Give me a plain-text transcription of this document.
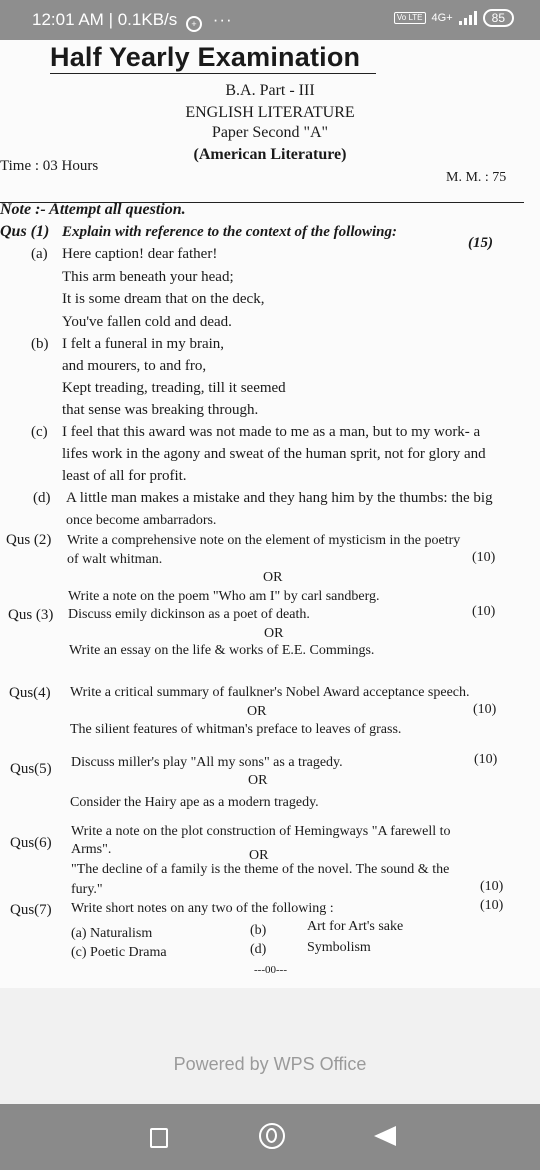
12:01 AM | 0.1KB/s + ···	Vo LTE 4G+	85
Half Yearly Examination
B.A. Part - III
ENGLISH LITERATURE
Paper Second "A"
(American Literature)
Time : 03 Hours
M. M. : 75
Note :- Attempt all question.
Qus (1) Explain with reference to the context of the following:
(15)
(a) Here caption! dear father!
This arm beneath your head;
It is some dream that on the deck,
You've fallen cold and dead.
(b) I felt a funeral in my brain,
and mourers, to and fro,
Kept treading, treading, till it seemed
that sense was breaking through.
(c) I feel that this award was not made to me as a man, but to my work- a
lifes work in the agony and sweat of the human sprit, not for glory and
least of all for profit.
(d) A little man makes a mistake and they hang him by the thumbs: the big
once become ambarradors.
Qus (2) Write a comprehensive note on the element of mysticism in the poetry
of walt whitman.	(10)
OR
Write a note on the poem "Who am I" by carl sandberg.
Qus (3) Discuss emily dickinson as a poet of death.	(10)
OR
Write an essay on the life & works of E.E. Commings.
Qus(4) Write a critical summary of faulkner's Nobel Award acceptance speech.
OR	(10)
The silient features of whitman's preface to leaves of grass.
Qus(5) Discuss miller's play "All my sons" as a tragedy.	(10)
OR
Consider the Hairy ape as a modern tragedy.
Qus(6)
Write a note on the plot construction of Hemingways "A farewell to
Arms".	OR
"The decline of a family is the theme of the novel. The sound & the
(10)
fury."
Qus(7) Write short notes on any two of the following :	(10)
(a) Naturalism	(b)	Art for Art's sake
(c) Poetic Drama	(d)	Symbolism
---00---
Powered by WPS Office
